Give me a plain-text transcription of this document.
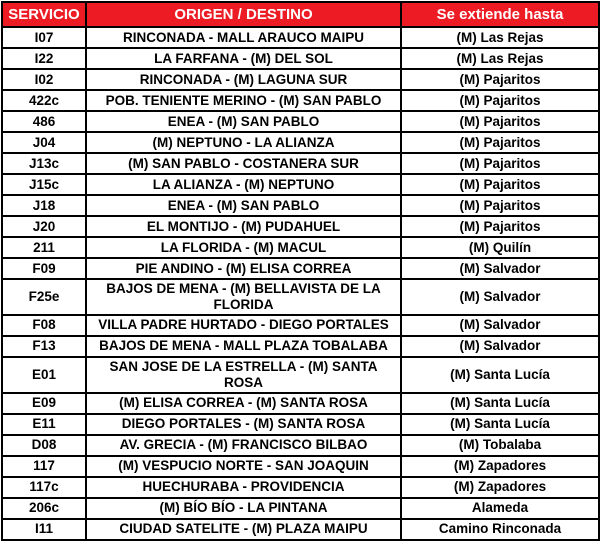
SERVICIO	ORIGEN / DESTINO	Se extiende hasta
I07	RINCONADA - MALL ARAUCO MAIPU	(M) Las Rejas
I22	LA FARFANA - (M) DEL SOL	(M) Las Rejas
I02	RINCONADA - (M) LAGUNA SUR	(M) Pajaritos
422c	POB. TENIENTE MERINO - (M) SAN PABLO	(M) Pajaritos
486	ENEA - (M) SAN PABLO	(M) Pajaritos
J04	(M) NEPTUNO - LA ALIANZA	(M) Pajaritos
J13c	(M) SAN PABLO - COSTANERA SUR	(M) Pajaritos
J15c	LA ALIANZA - (M) NEPTUNO	(M) Pajaritos
J18	ENEA - (M) SAN PABLO	(M) Pajaritos
J20	EL MONTIJO - (M) PUDAHUEL	(M) Pajaritos
211	LA FLORIDA - (M) MACUL	(M) Quilín
F09	PIE ANDINO - (M) ELISA CORREA	(M) Salvador
F25e	BAJOS DE MENA - (M) BELLAVISTA DE LA FLORIDA	(M) Salvador
F08	VILLA PADRE HURTADO - DIEGO PORTALES	(M) Salvador
F13	BAJOS DE MENA - MALL PLAZA TOBALABA	(M) Salvador
E01	SAN JOSE DE LA ESTRELLA - (M) SANTA ROSA	(M) Santa Lucía
E09	(M) ELISA CORREA - (M) SANTA ROSA	(M) Santa Lucía
E11	DIEGO PORTALES - (M) SANTA ROSA	(M) Santa Lucía
D08	AV. GRECIA - (M) FRANCISCO BILBAO	(M) Tobalaba
117	(M) VESPUCIO NORTE - SAN JOAQUIN	(M) Zapadores
117c	HUECHURABA - PROVIDENCIA	(M) Zapadores
206c	(M) BÍO BÍO - LA PINTANA	Alameda
I11	CIUDAD SATELITE - (M) PLAZA MAIPU	Camino Rinconada
